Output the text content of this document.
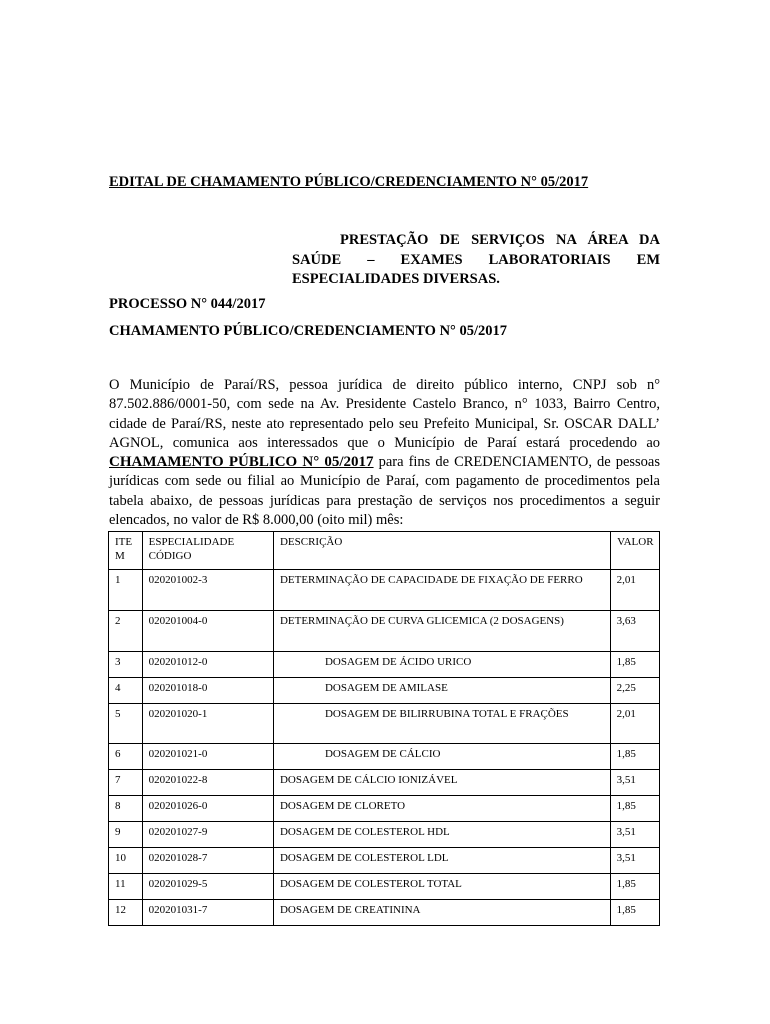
EDITAL DE CHAMAMENTO PÚBLICO/CREDENCIAMENTO N° 05/2017
PRESTAÇÃO DE SERVIÇOS NA ÁREA DA SAÚDE – EXAMES LABORATORIAIS EM ESPECIALIDADES DIVERSAS.
PROCESSO N° 044/2017
CHAMAMENTO PÚBLICO/CREDENCIAMENTO N° 05/2017
O Município de Paraí/RS, pessoa jurídica de direito público interno, CNPJ sob n° 87.502.886/0001-50, com sede na Av. Presidente Castelo Branco, n° 1033, Bairro Centro, cidade de Paraí/RS, neste ato representado pelo seu Prefeito Municipal, Sr. OSCAR DALL’ AGNOL, comunica aos interessados que o Município de Paraí estará procedendo ao CHAMAMENTO PÚBLICO N° 05/2017 para fins de CREDENCIAMENTO, de pessoas jurídicas com sede ou filial ao Município de Paraí, com pagamento de procedimentos pela tabela abaixo, de pessoas jurídicas para prestação de serviços nos procedimentos a seguir elencados, no valor de R$ 8.000,00 (oito mil) mês:
ITE M	ESPECIALIDADE CÓDIGO	DESCRIÇÃO	VALOR
1	020201002-3	DETERMINAÇÃO DE CAPACIDADE DE FIXAÇÃO DE FERRO	2,01
2	020201004-0	DETERMINAÇÃO DE CURVA GLICEMICA (2 DOSAGENS)	3,63
3	020201012-0	DOSAGEM DE ÁCIDO URICO	1,85
4	020201018-0	DOSAGEM DE AMILASE	2,25
5	020201020-1	DOSAGEM DE BILIRRUBINA TOTAL E FRAÇÕES	2,01
6	020201021-0	DOSAGEM DE CÁLCIO	1,85
7	020201022-8	DOSAGEM DE CÁLCIO IONIZÁVEL	3,51
8	020201026-0	DOSAGEM DE CLORETO	1,85
9	020201027-9	DOSAGEM DE COLESTEROL HDL	3,51
10	020201028-7	DOSAGEM DE COLESTEROL LDL	3,51
11	020201029-5	DOSAGEM DE COLESTEROL TOTAL	1,85
12	020201031-7	DOSAGEM DE CREATININA	1,85
